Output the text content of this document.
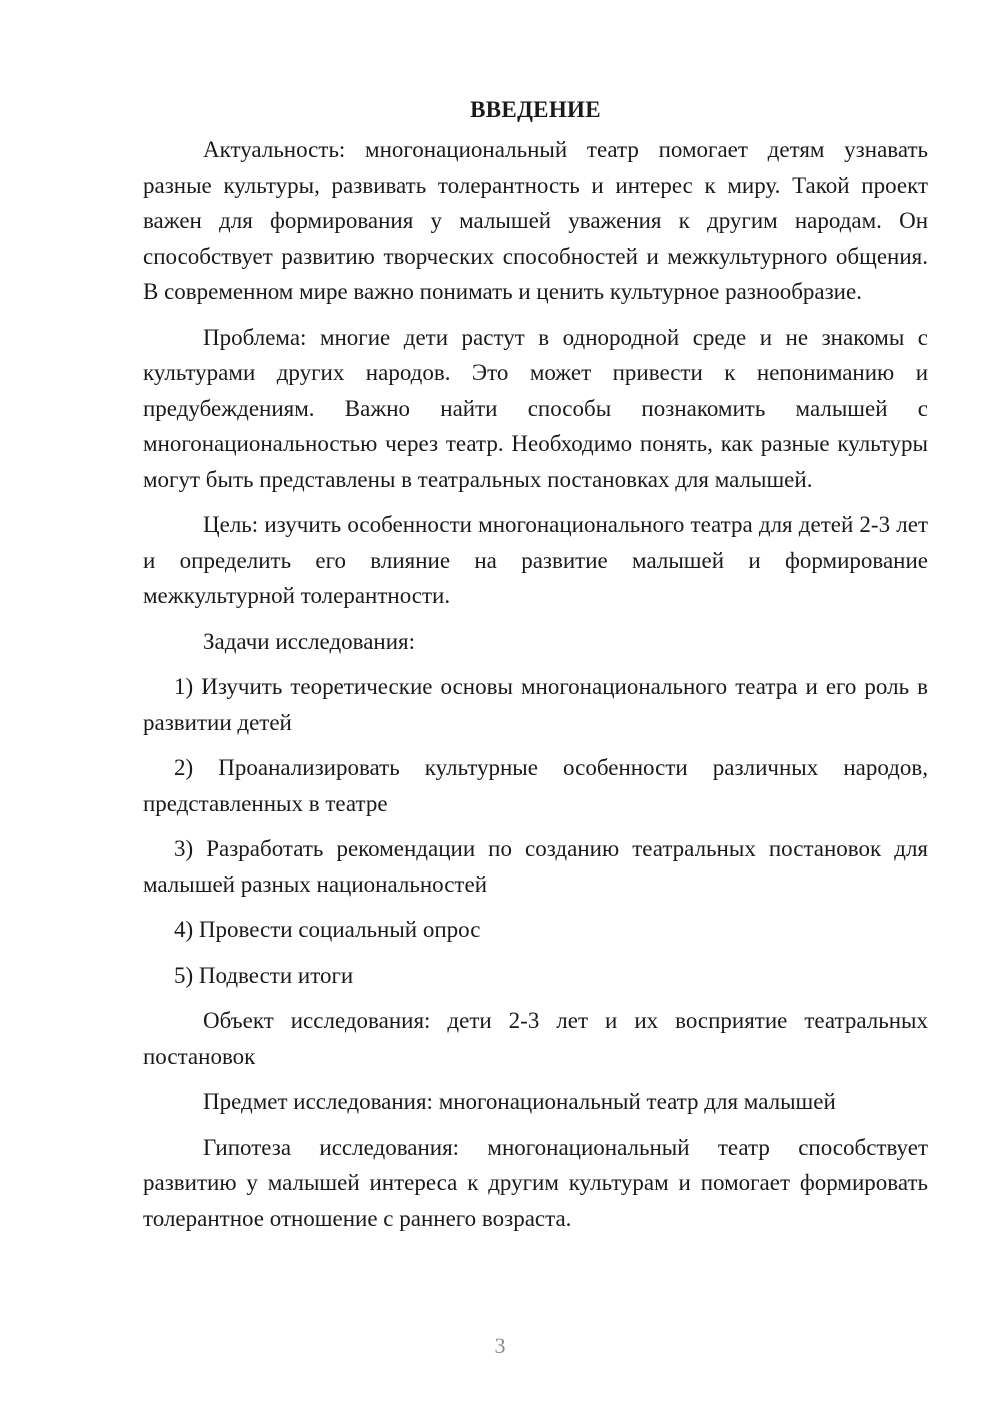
ВВЕДЕНИЕ

Актуальность: многонациональный театр помогает детям узнавать разные культуры, развивать толерантность и интерес к миру. Такой проект важен для формирования у малышей уважения к другим народам. Он способствует развитию творческих способностей и межкультурного общения. В современном мире важно понимать и ценить культурное разнообразие.

Проблема: многие дети растут в однородной среде и не знакомы с культурами других народов. Это может привести к непониманию и предубеждениям. Важно найти способы познакомить малышей с многонациональностью через театр. Необходимо понять, как разные культуры могут быть представлены в театральных постановках для малышей.

Цель: изучить особенности многонационального театра для детей 2-3 лет и определить его влияние на развитие малышей и формирование межкультурной толерантности.

Задачи исследования:

1) Изучить теоретические основы многонационального театра и его роль в развитии детей

2) Проанализировать культурные особенности различных народов, представленных в театре

3) Разработать рекомендации по созданию театральных постановок для малышей разных национальностей

4) Провести социальный опрос

5) Подвести итоги

Объект исследования: дети 2-3 лет и их восприятие театральных постановок

Предмет исследования: многонациональный театр для малышей

Гипотеза исследования: многонациональный театр способствует развитию у малышей интереса к другим культурам и помогает формировать толерантное отношение с раннего возраста.

3
